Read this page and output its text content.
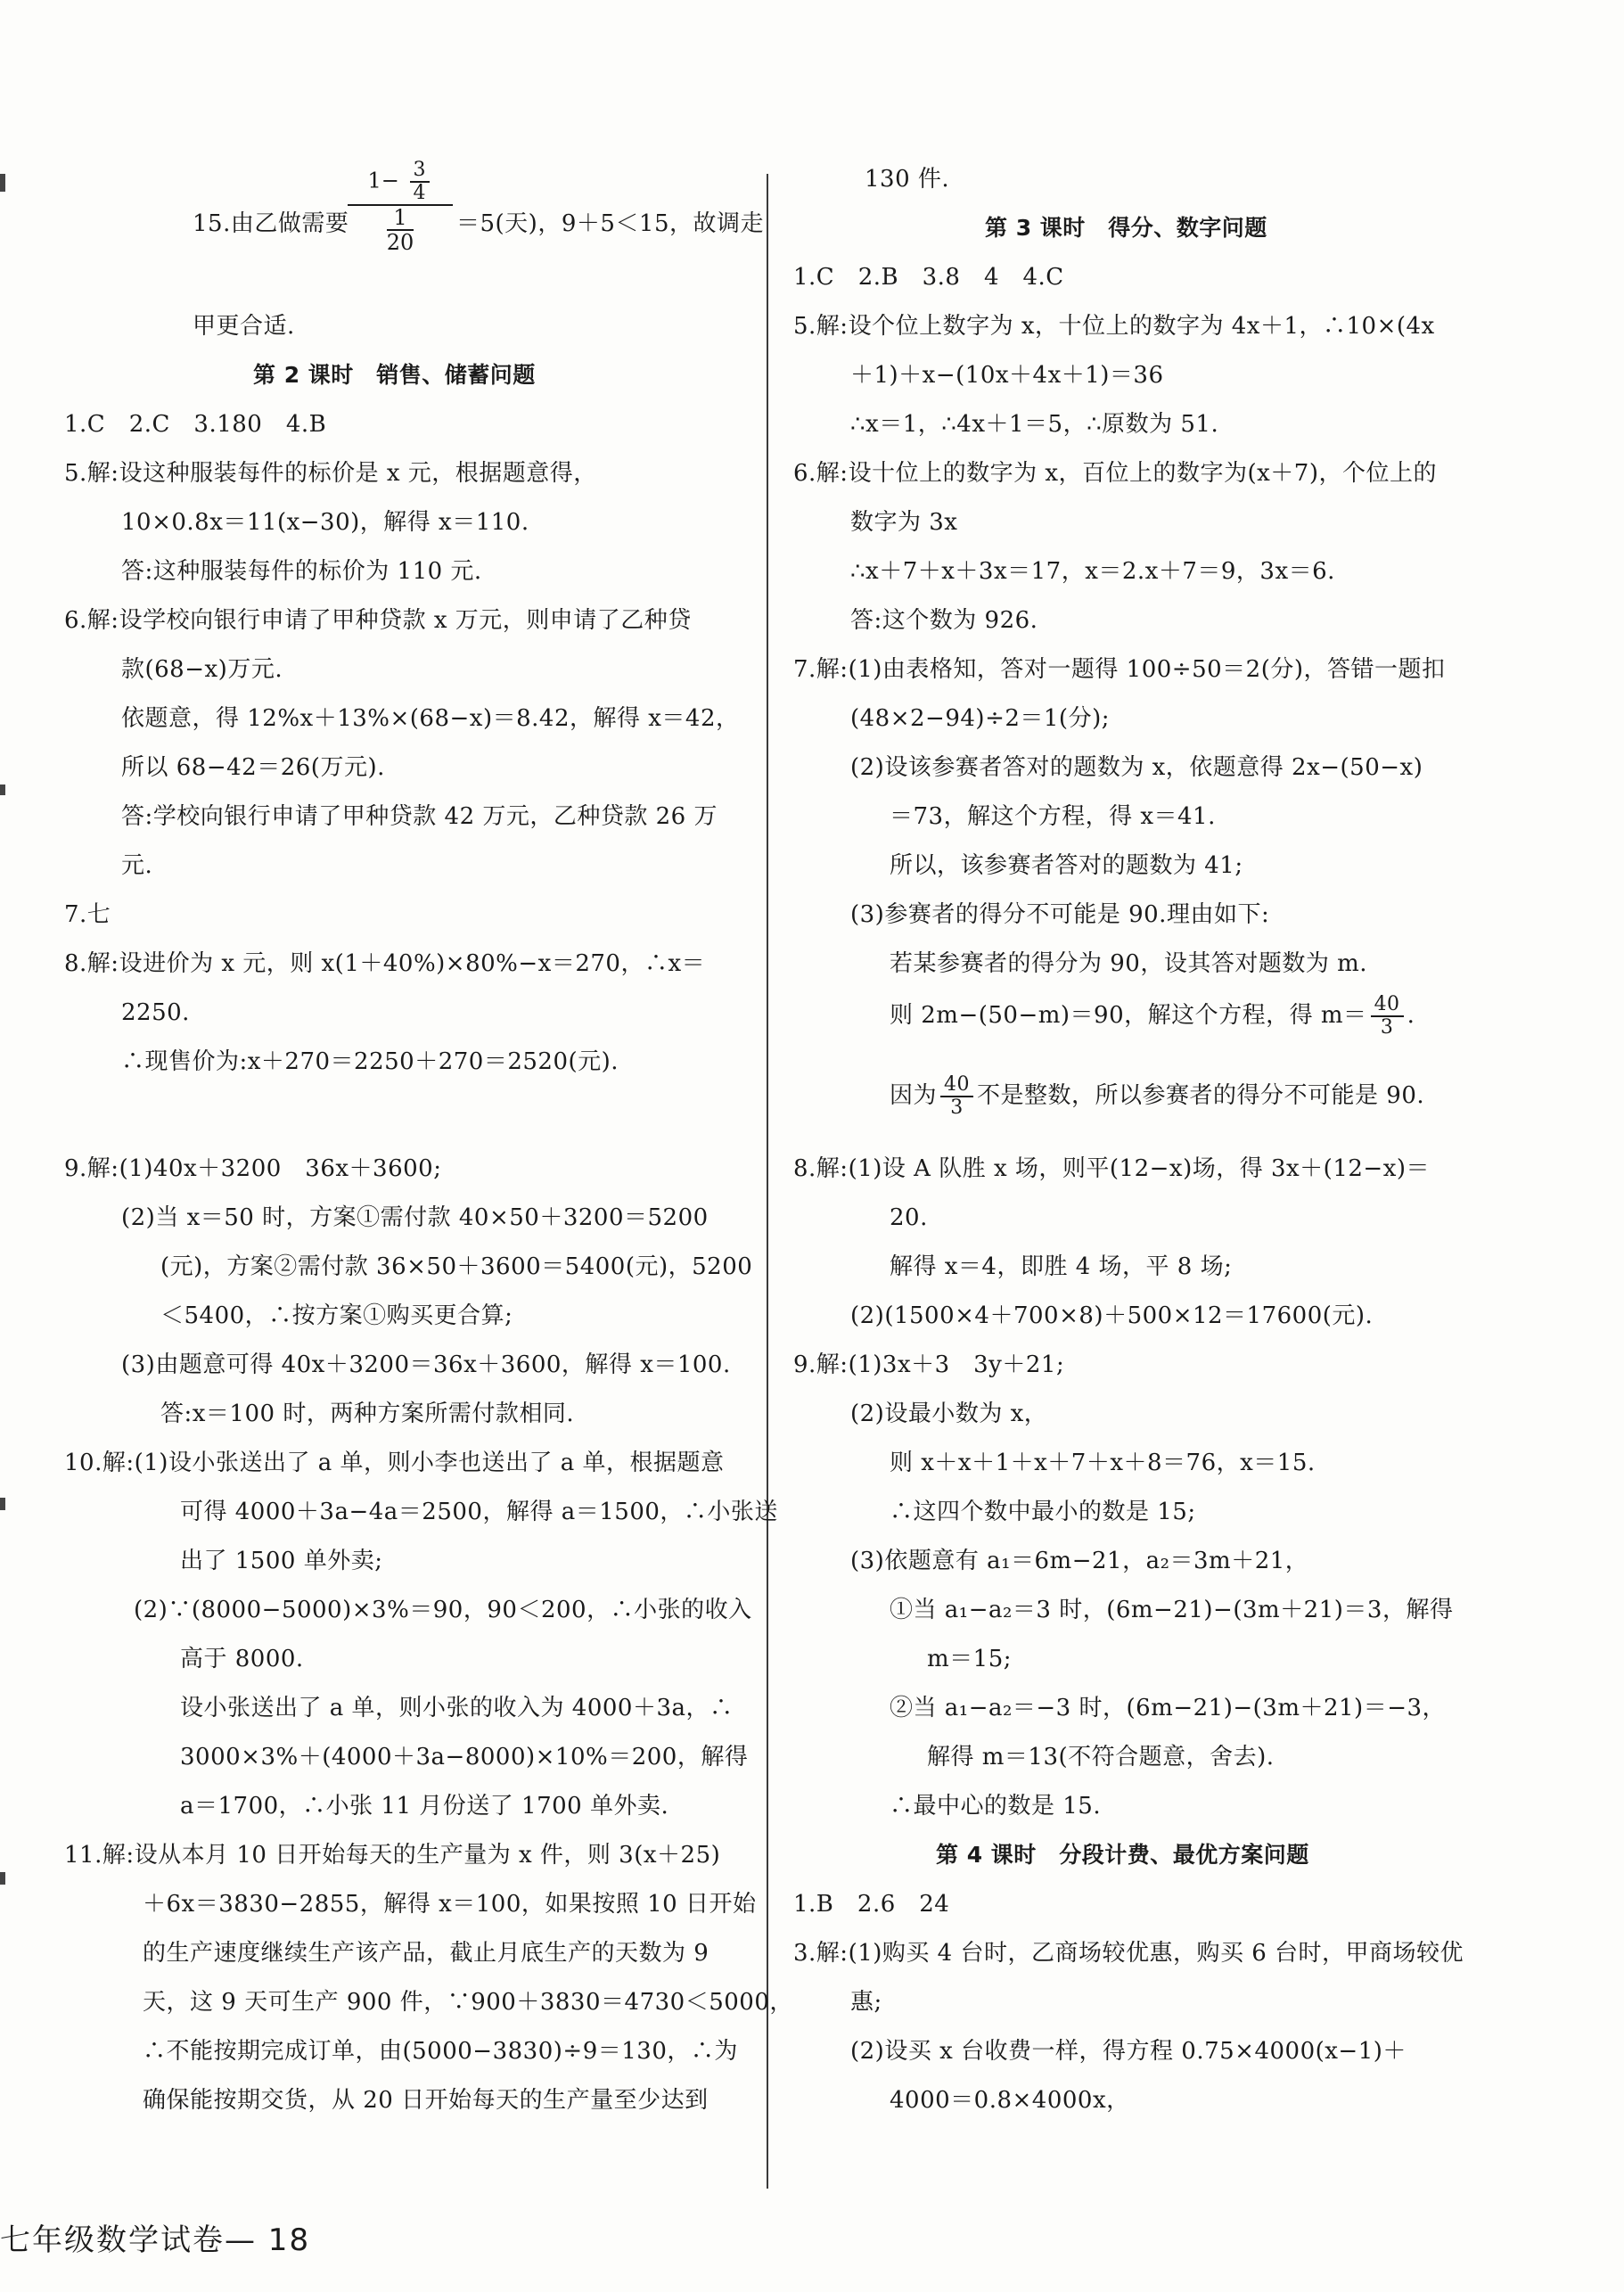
15.由乙做需要
$1- \frac{3}{4}$
$\frac{1}{20} =5$(天)，9＋5＜15，故调走
甲更合适.
第 2 课时　销售、储蓄问题
1.C　2.C　3.180　4.B
5.解:设这种服装每件的标价是 x 元，根据题意得，
10×0.8x＝11(x−30)，解得 x＝110.
答:这种服装每件的标价为 110 元.
6.解:设学校向银行申请了甲种贷款 x 万元，则申请了乙种贷
款(68−x)万元.
依题意，得 12%x＋13%×(68−x)＝8.42，解得 x＝42，
所以 68−42＝26(万元).
答:学校向银行申请了甲种贷款 42 万元，乙种贷款 26 万
元.
7.七
8.解:设进价为 x 元，则 x(1＋40%)×80%−x＝270，∴x＝
2250.
∴现售价为:x＋270＝2250＋270＝2520(元).
9.解:(1)40x＋3200　36x＋3600;
(2)当 x＝50 时，方案①需付款 40×50＋3200＝5200
(元)，方案②需付款 36×50＋3600＝5400(元)，5200
＜5400，∴按方案①购买更合算;
(3)由题意可得 40x＋3200＝36x＋3600，解得 x＝100.
答:x＝100 时，两种方案所需付款相同.
10.解:(1)设小张送出了 a 单，则小李也送出了 a 单，根据题意
可得 4000＋3a−4a＝2500，解得 a＝1500，∴小张送
出了 1500 单外卖;
(2)∵(8000−5000)×3%＝90，90＜200，∴小张的收入
高于 8000.
设小张送出了 a 单，则小张的收入为 4000＋3a，∴
3000×3%＋(4000＋3a−8000)×10%＝200，解得
a＝1700，∴小张 11 月份送了 1700 单外卖.
11.解:设从本月 10 日开始每天的生产量为 x 件，则 3(x＋25)
＋6x＝3830−2855，解得 x＝100，如果按照 10 日开始
的生产速度继续生产该产品，截止月底生产的天数为 9
天，这 9 天可生产 900 件，∵900＋3830＝4730＜5000，
∴不能按期完成订单，由(5000−3830)÷9＝130，∴为
确保能按期交货，从 20 日开始每天的生产量至少达到
七年级数学试卷— 18
130 件.
第 3 课时　得分、数字问题
1.C　2.B　3.8　4　4.C
5.解:设个位上数字为 x，十位上的数字为 4x＋1，∴10×(4x
＋1)＋x−(10x＋4x＋1)＝36
∴x＝1，∴4x＋1＝5，∴原数为 51.
6.解:设十位上的数字为 x，百位上的数字为(x＋7)，个位上的
数字为 3x
∴x＋7＋x＋3x＝17，x＝2.x＋7＝9，3x＝6.
答:这个数为 926.
7.解:(1)由表格知，答对一题得 100÷50＝2(分)，答错一题扣
(48×2−94)÷2＝1(分);
(2)设该参赛者答对的题数为 x，依题意得 2x−(50−x)
＝73，解这个方程，得 x＝41.
所以，该参赛者答对的题数为 41;
(3)参赛者的得分不可能是 90.理由如下:
若某参赛者的得分为 90，设其答对题数为 m.
则 2m−(50−m)＝90，解这个方程，得 $m= \frac{40}{3}$ .
因为 $\frac{40}{3}$ 不是整数，所以参赛者的得分不可能是 90.
8.解:(1)设 A 队胜 x 场，则平(12−x)场，得 3x＋(12−x)＝
20.
解得 x＝4，即胜 4 场，平 8 场;
(2)(1500×4＋700×8)＋500×12＝17600(元).
9.解:(1)3x＋3　3y＋21;
(2)设最小数为 x，
则 x＋x＋1＋x＋7＋x＋8＝76，x＝15.
∴这四个数中最小的数是 15;
(3)依题意有 a₁＝6m−21，a₂＝3m＋21，
①当 a₁−a₂＝3 时，(6m−21)−(3m＋21)＝3，解得
m＝15;
②当 a₁−a₂＝−3 时，(6m−21)−(3m＋21)＝−3，
解得 m＝13(不符合题意，舍去).
∴最中心的数是 15.
第 4 课时　分段计费、最优方案问题
1.B　2.6　24
3.解:(1)购买 4 台时，乙商场较优惠，购买 6 台时，甲商场较优
惠;
(2)设买 x 台收费一样，得方程 0.75×4000(x−1)＋
4000＝0.8×4000x，
